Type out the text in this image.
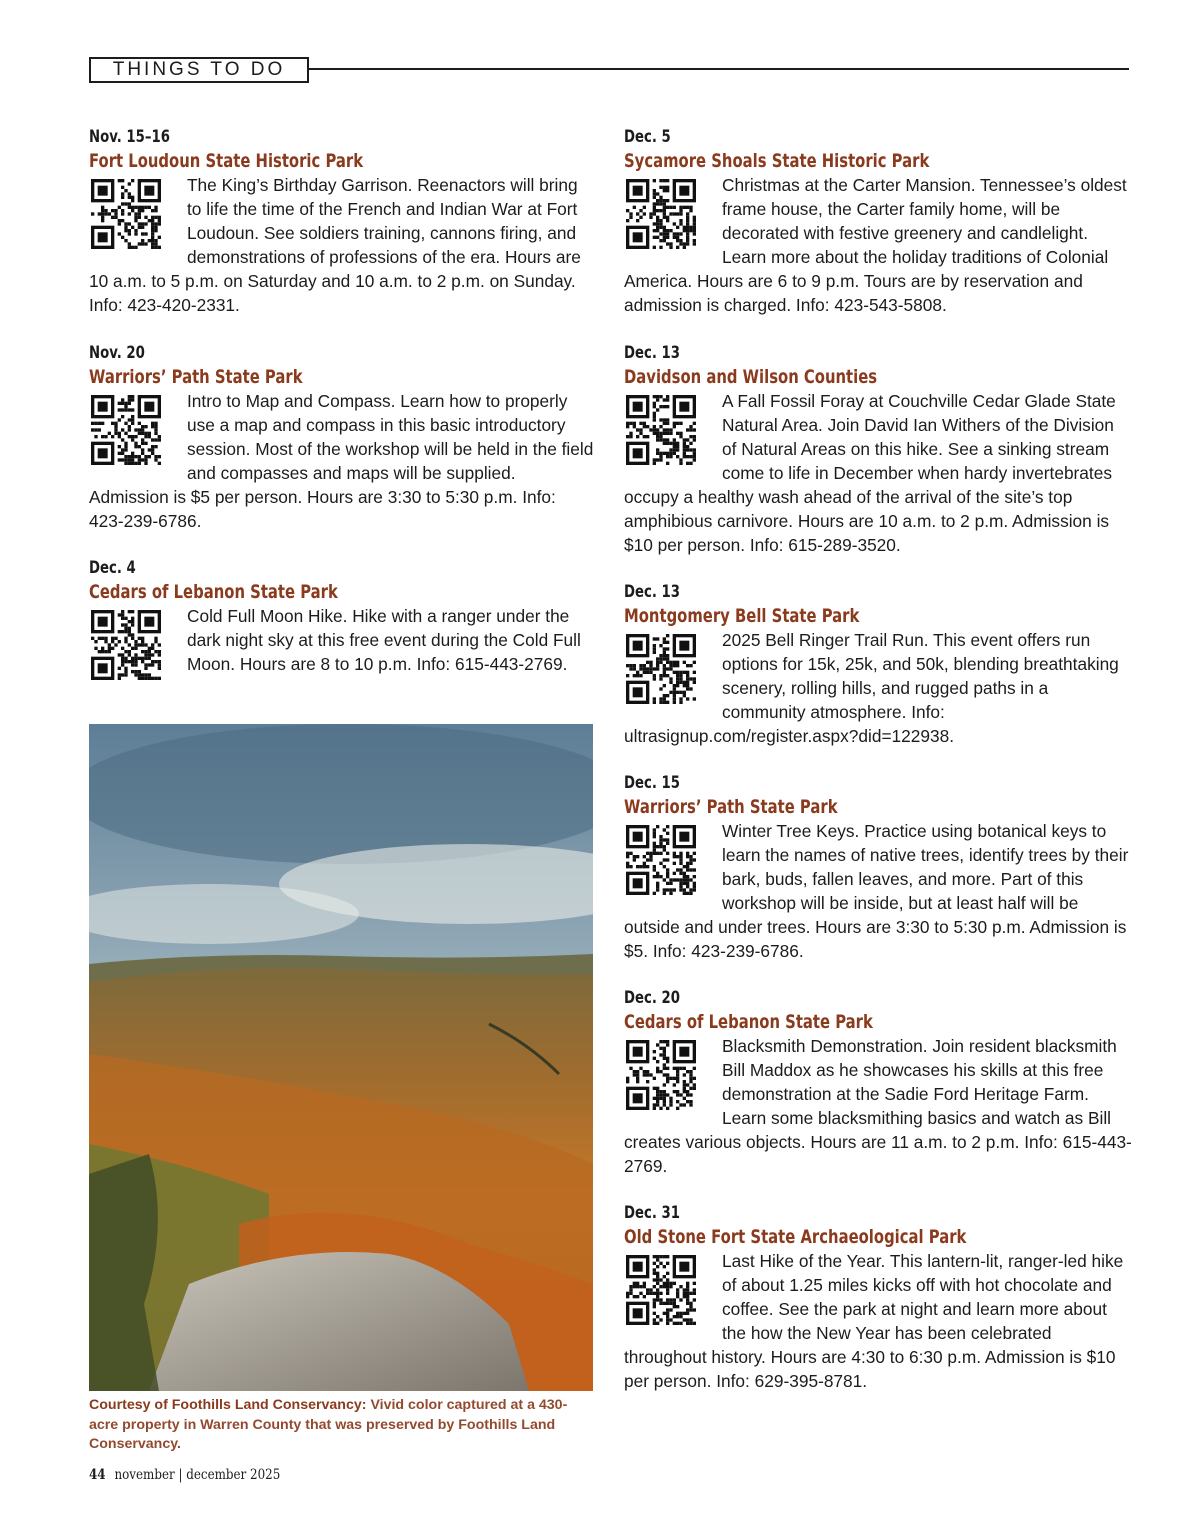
THINGS TO DO
Nov. 15–16
Fort Loudoun State Historic Park
The King’s Birthday Garrison. Reenactors will bring to life the time of the French and Indian War at Fort Loudoun. See soldiers training, cannons firing, and demonstrations of professions of the era. Hours are 10 a.m. to 5 p.m. on Saturday and 10 a.m. to 2 p.m. on Sunday. Info: 423-420-2331.
Nov. 20
Warriors’ Path State Park
Intro to Map and Compass. Learn how to properly use a map and compass in this basic introductory session. Most of the workshop will be held in the field and compasses and maps will be supplied. Admission is $5 per person. Hours are 3:30 to 5:30 p.m. Info: 423-239-6786.
Dec. 4
Cedars of Lebanon State Park
Cold Full Moon Hike. Hike with a ranger under the dark night sky at this free event during the Cold Full Moon. Hours are 8 to 10 p.m. Info: 615-443-2769.
Courtesy of Foothills Land Conservancy: Vivid color captured at a 430-acre property in Warren County that was preserved by Foothills Land Conservancy.
Dec. 5
Sycamore Shoals State Historic Park
Christmas at the Carter Mansion. Tennessee’s oldest frame house, the Carter family home, will be decorated with festive greenery and candlelight. Learn more about the holiday traditions of Colonial America. Hours are 6 to 9 p.m. Tours are by reservation and admission is charged. Info: 423-543-5808.
Dec. 13
Davidson and Wilson Counties
A Fall Fossil Foray at Couchville Cedar Glade State Natural Area. Join David Ian Withers of the Division of Natural Areas on this hike. See a sinking stream come to life in December when hardy invertebrates occupy a healthy wash ahead of the arrival of the site’s top amphibious carnivore. Hours are 10 a.m. to 2 p.m. Admission is $10 per person. Info: 615-289-3520.
Dec. 13
Montgomery Bell State Park
2025 Bell Ringer Trail Run. This event offers run options for 15k, 25k, and 50k, blending breathtaking scenery, rolling hills, and rugged paths in a community atmosphere. Info: ultrasignup.com/register.aspx?did=122938.
Dec. 15
Warriors’ Path State Park
Winter Tree Keys. Practice using botanical keys to learn the names of native trees, identify trees by their bark, buds, fallen leaves, and more. Part of this workshop will be inside, but at least half will be outside and under trees. Hours are 3:30 to 5:30 p.m. Admission is $5. Info: 423-239-6786.
Dec. 20
Cedars of Lebanon State Park
Blacksmith Demonstration. Join resident blacksmith Bill Maddox as he showcases his skills at this free demonstration at the Sadie Ford Heritage Farm. Learn some blacksmithing basics and watch as Bill creates various objects. Hours are 11 a.m. to 2 p.m. Info: 615-443-2769.
Dec. 31
Old Stone Fort State Archaeological Park
Last Hike of the Year. This lantern-lit, ranger-led hike of about 1.25 miles kicks off with hot chocolate and coffee. See the park at night and learn more about the how the New Year has been celebrated throughout history. Hours are 4:30 to 6:30 p.m. Admission is $10 per person. Info: 629-395-8781.
44 november | december 2025
